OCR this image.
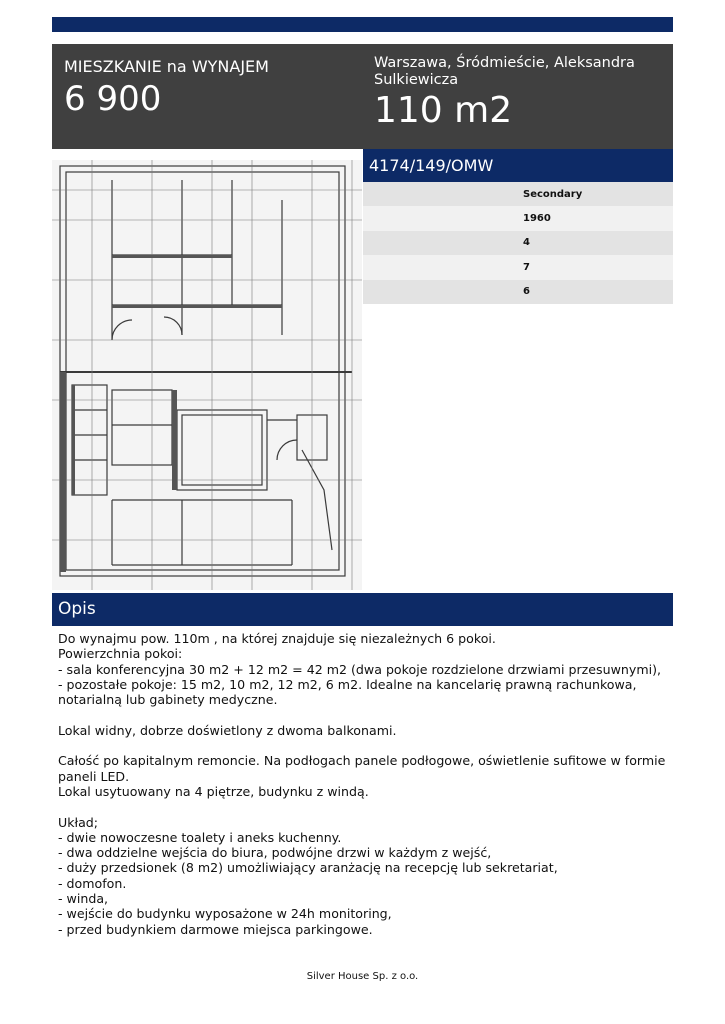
MIESZKANIE na WYNAJEM
6 900
Warszawa, Śródmieście, Aleksandra Sulkiewicza
110 m2
4174/149/OMW
Secondary
1960
4
7
6
Opis
Do wynajmu pow. 110m , na której znajduje się niezależnych 6 pokoi.
Powierzchnia pokoi:
- sala konferencyjna 30 m2 + 12 m2 = 42 m2 (dwa pokoje rozdzielone drzwiami przesuwnymi),
- pozostałe pokoje: 15 m2, 10 m2, 12 m2, 6 m2. Idealne na kancelarię prawną rachunkowa,
notarialną lub gabinety medyczne.
Lokal widny, dobrze doświetlony z dwoma balkonami.
Całość po kapitalnym remoncie. Na podłogach panele podłogowe, oświetlenie sufitowe w formie
paneli LED.
Lokal usytuowany na 4 piętrze, budynku z windą.
Układ;
- dwie nowoczesne toalety i aneks kuchenny.
- dwa oddzielne wejścia do biura, podwójne drzwi w każdym z wejść,
- duży przedsionek (8 m2) umożliwiający aranżację na recepcję lub sekretariat,
- domofon.
- winda,
- wejście do budynku wyposażone w 24h monitoring,
- przed budynkiem darmowe miejsca parkingowe.
Silver House Sp. z o.o.
